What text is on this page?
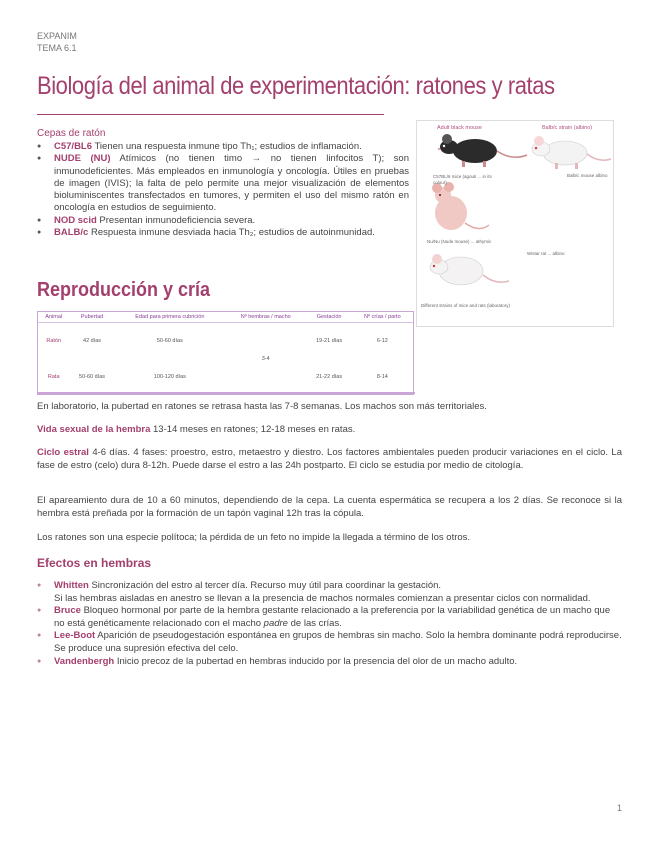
EXPANIM
TEMA 6.1
Biología del animal de experimentación: ratones y ratas
Cepas de ratón
● C57/BL6 Tienen una respuesta inmune tipo Th₁; estudios de inflamación.
● NUDE (NU) Atímicos (no tienen timo → no tienen linfocitos T); son inmunodeficientes. Más empleados en inmunología y oncología. Útiles en pruebas de imagen (IVIS); la falta de pelo permite una mejor visualización de elementos bioluminiscentes transfectados en tumores, y permiten el uso del mismo ratón en oncología en estudios de seguimiento.
● NOD scid Presentan inmunodeficiencia severa.
● BALB/c Respuesta inmune desviada hacia Th₂; estudios de autoinmunidad.
Adult black mouse	Balb/c strain (albino)
C57BL/6 mice (agouti ... in its colour)
Nu/Nu (Nude mouse) ... athymic
Wistar rat ... albino
Balb/c mouse albino
Different strains of mice and rats (laboratory)
Reproducción y cría
Animal	Pubertad	Edad para primera cubrición	Nº hembras / macho	Gestación	Nº crías / parto
Ratón	42 días	50-60 días	3-4	19-21 días	6-12
Rata	50-60 días	100-120 días		21-22 días	8-14
En laboratorio, la pubertad en ratones se retrasa hasta las 7-8 semanas. Los machos son más territoriales.
Vida sexual de la hembra 13-14 meses en ratones; 12-18 meses en ratas.
Ciclo estral 4-6 días. 4 fases: proestro, estro, metaestro y diestro. Los factores ambientales pueden producir variaciones en el ciclo. La fase de estro (celo) dura 8-12h. Puede darse el estro a las 24h postparto. El ciclo se estudia por medio de citología.
El apareamiento dura de 10 a 60 minutos, dependiendo de la cepa. La cuenta espermática se recupera a los 2 días. Se reconoce si la hembra está preñada por la formación de un tapón vaginal 12h tras la cópula.
Los ratones son una especie polítoca; la pérdida de un feto no impide la llegada a término de los otros.
Efectos en hembras
● Whitten Sincronización del estro al tercer día. Recurso muy útil para coordinar la gestación.
Si las hembras aisladas en anestro se llevan a la presencia de machos normales comienzan a presentar ciclos con normalidad.
● Bruce Bloqueo hormonal por parte de la hembra gestante relacionado a la preferencia por la variabilidad genética de un macho que no está genéticamente relacionado con el macho padre de las crías.
● Lee-Boot Aparición de pseudogestación espontánea en grupos de hembras sin macho. Solo la hembra dominante podrá reproducirse. Se produce una supresión efectiva del celo.
● Vandenbergh Inicio precoz de la pubertad en hembras inducido por la presencia del olor de un macho adulto.
1
